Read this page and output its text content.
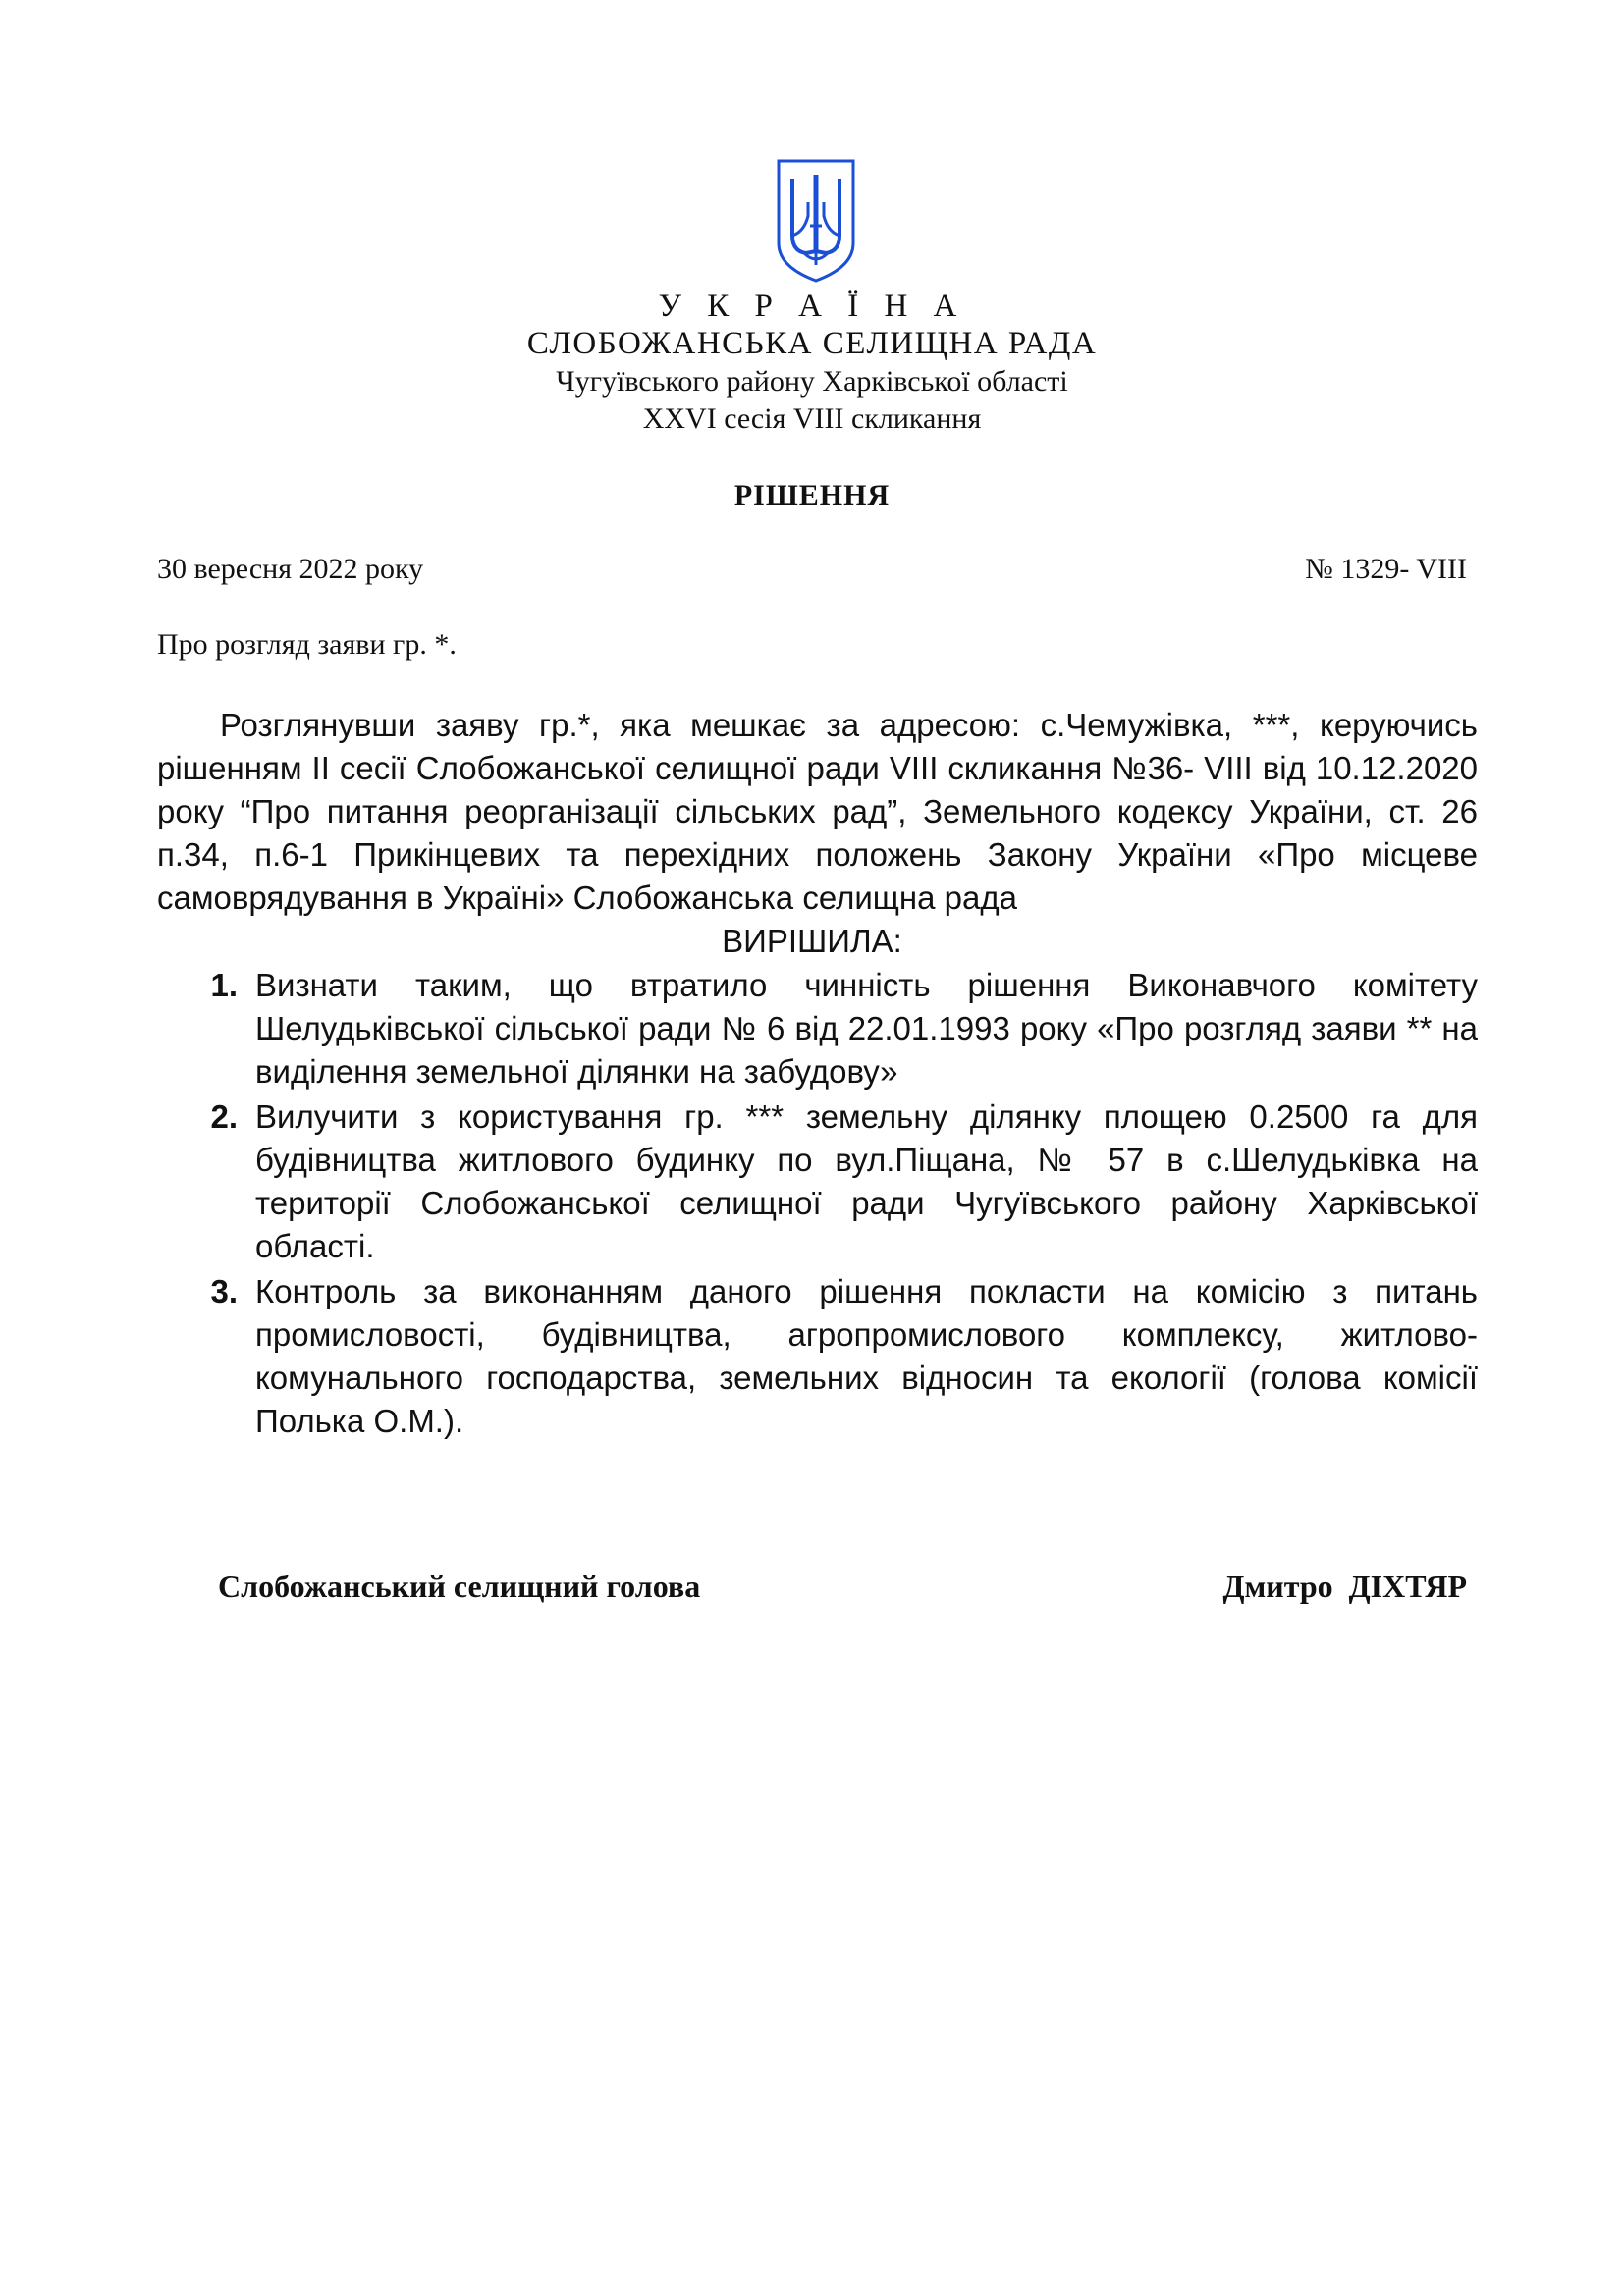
У К Р А Ї Н А
СЛОБОЖАНСЬКА СЕЛИЩНА РАДА
Чугуївського району Харківської області
XXVI сесія VIII скликання
РІШЕННЯ
30 вересня 2022 року	№ 1329- VIII
Про розгляд заяви гр. *.
Розглянувши заяву гр.*, яка мешкає за адресою: с.Чемужівка, ***, керуючись рішенням II сесії Слобожанської селищної ради VIII скликання №36- VIII від 10.12.2020 року “Про питання реорганізації сільських рад”, Земельного кодексу України, ст. 26 п.34, п.6-1 Прикінцевих та перехідних положень Закону України «Про місцеве самоврядування в Україні» Слобожанська селищна рада
ВИРІШИЛА:
1. Визнати таким, що втратило чинність рішення Виконавчого комітету Шелудьківської сільської ради № 6 від 22.01.1993 року «Про розгляд заяви ** на виділення земельної ділянки на забудову»
2. Вилучити з користування гр. *** земельну ділянку площею 0.2500 га для будівництва житлового будинку по вул.Піщана, № 57 в с.Шелудьківка на території Слобожанської селищної ради Чугуївського району Харківської області.
3. Контроль за виконанням даного рішення покласти на комісію з питань промисловості, будівництва, агропромислового комплексу, житлово-комунального господарства, земельних відносин та екології (голова комісії Полька О.М.).
Слобожанський селищний голова	Дмитро  ДІХТЯР
